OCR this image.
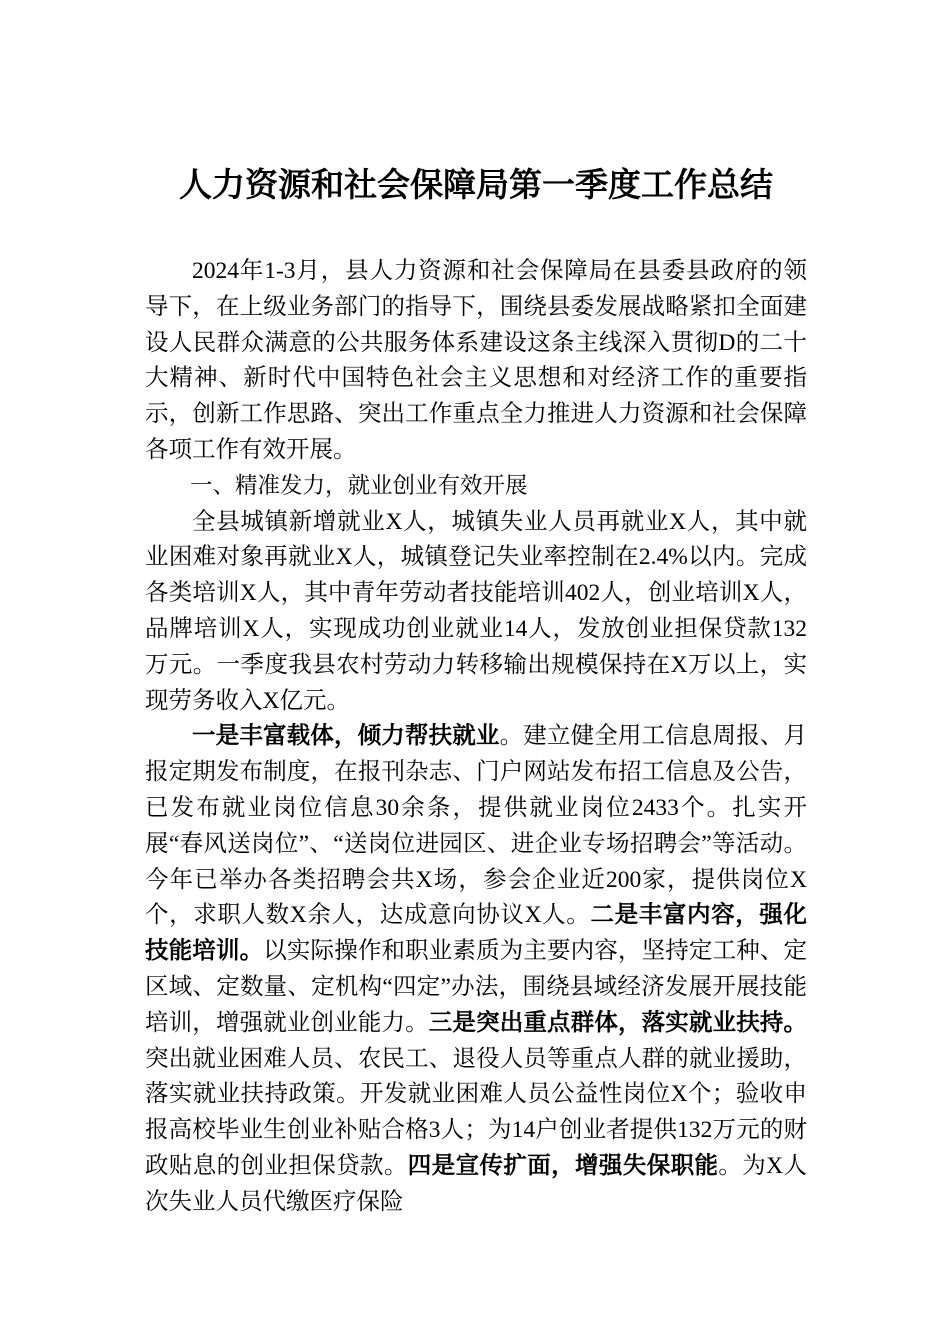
人力资源和社会保障局第一季度工作总结

2024年1-3月，县人力资源和社会保障局在县委县政府的领导下，在上级业务部门的指导下，围绕县委发展战略紧扣全面建设人民群众满意的公共服务体系建设这条主线深入贯彻D的二十大精神、新时代中国特色社会主义思想和对经济工作的重要指示，创新工作思路、突出工作重点全力推进人力资源和社会保障各项工作有效开展。

一、精准发力，就业创业有效开展

全县城镇新增就业X人，城镇失业人员再就业X人，其中就业困难对象再就业X人，城镇登记失业率控制在2.4%以内。完成各类培训X人，其中青年劳动者技能培训402人，创业培训X人，品牌培训X人，实现成功创业就业14人，发放创业担保贷款132万元。一季度我县农村劳动力转移输出规模保持在X万以上，实现劳务收入X亿元。

一是丰富载体，倾力帮扶就业。建立健全用工信息周报、月报定期发布制度，在报刊杂志、门户网站发布招工信息及公告，已发布就业岗位信息30余条，提供就业岗位2433个。扎实开展“春风送岗位”、“送岗位进园区、进企业专场招聘会”等活动。今年已举办各类招聘会共X场，参会企业近200家，提供岗位X个，求职人数X余人，达成意向协议X人。二是丰富内容，强化技能培训。以实际操作和职业素质为主要内容，坚持定工种、定区域、定数量、定机构“四定”办法，围绕县域经济发展开展技能培训，增强就业创业能力。三是突出重点群体，落实就业扶持。突出就业困难人员、农民工、退役人员等重点人群的就业援助，落实就业扶持政策。开发就业困难人员公益性岗位X个；验收申报高校毕业生创业补贴合格3人；为14户创业者提供132万元的财政贴息的创业担保贷款。四是宣传扩面，增强失保职能。为X人次失业人员代缴医疗保险
